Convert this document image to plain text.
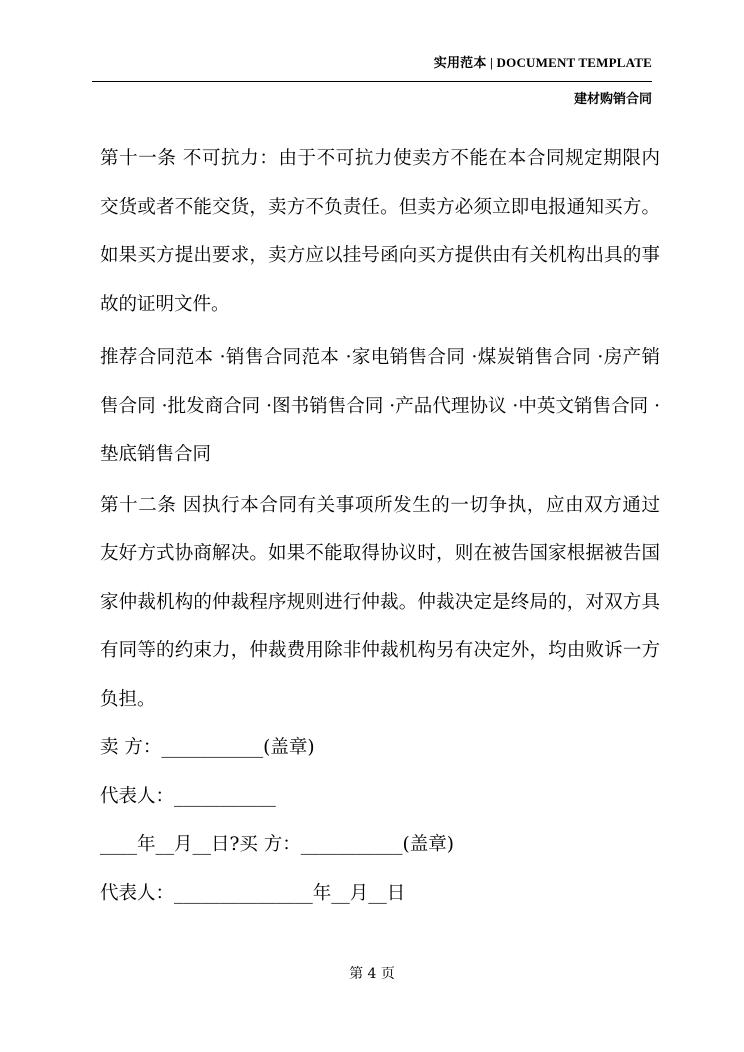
实用范本 | DOCUMENT TEMPLATE
建材购销合同

第十一条 不可抗力：由于不可抗力使卖方不能在本合同规定期限内交货或者不能交货，卖方不负责任。但卖方必须立即电报通知买方。如果买方提出要求，卖方应以挂号函向买方提供由有关机构出具的事故的证明文件。

推荐合同范本 ·销售合同范本 ·家电销售合同 ·煤炭销售合同 ·房产销售合同 ·批发商合同 ·图书销售合同 ·产品代理协议 ·中英文销售合同 ·垫底销售合同

第十二条 因执行本合同有关事项所发生的一切争执，应由双方通过友好方式协商解决。如果不能取得协议时，则在被告国家根据被告国家仲裁机构的仲裁程序规则进行仲裁。仲裁决定是终局的，对双方具有同等的约束力，仲裁费用除非仲裁机构另有决定外，均由败诉一方负担。

卖 方：___________(盖章)

代表人：___________

____年__月__日?买 方：___________(盖章)

代表人：_______________年__月__日

第 4 页
